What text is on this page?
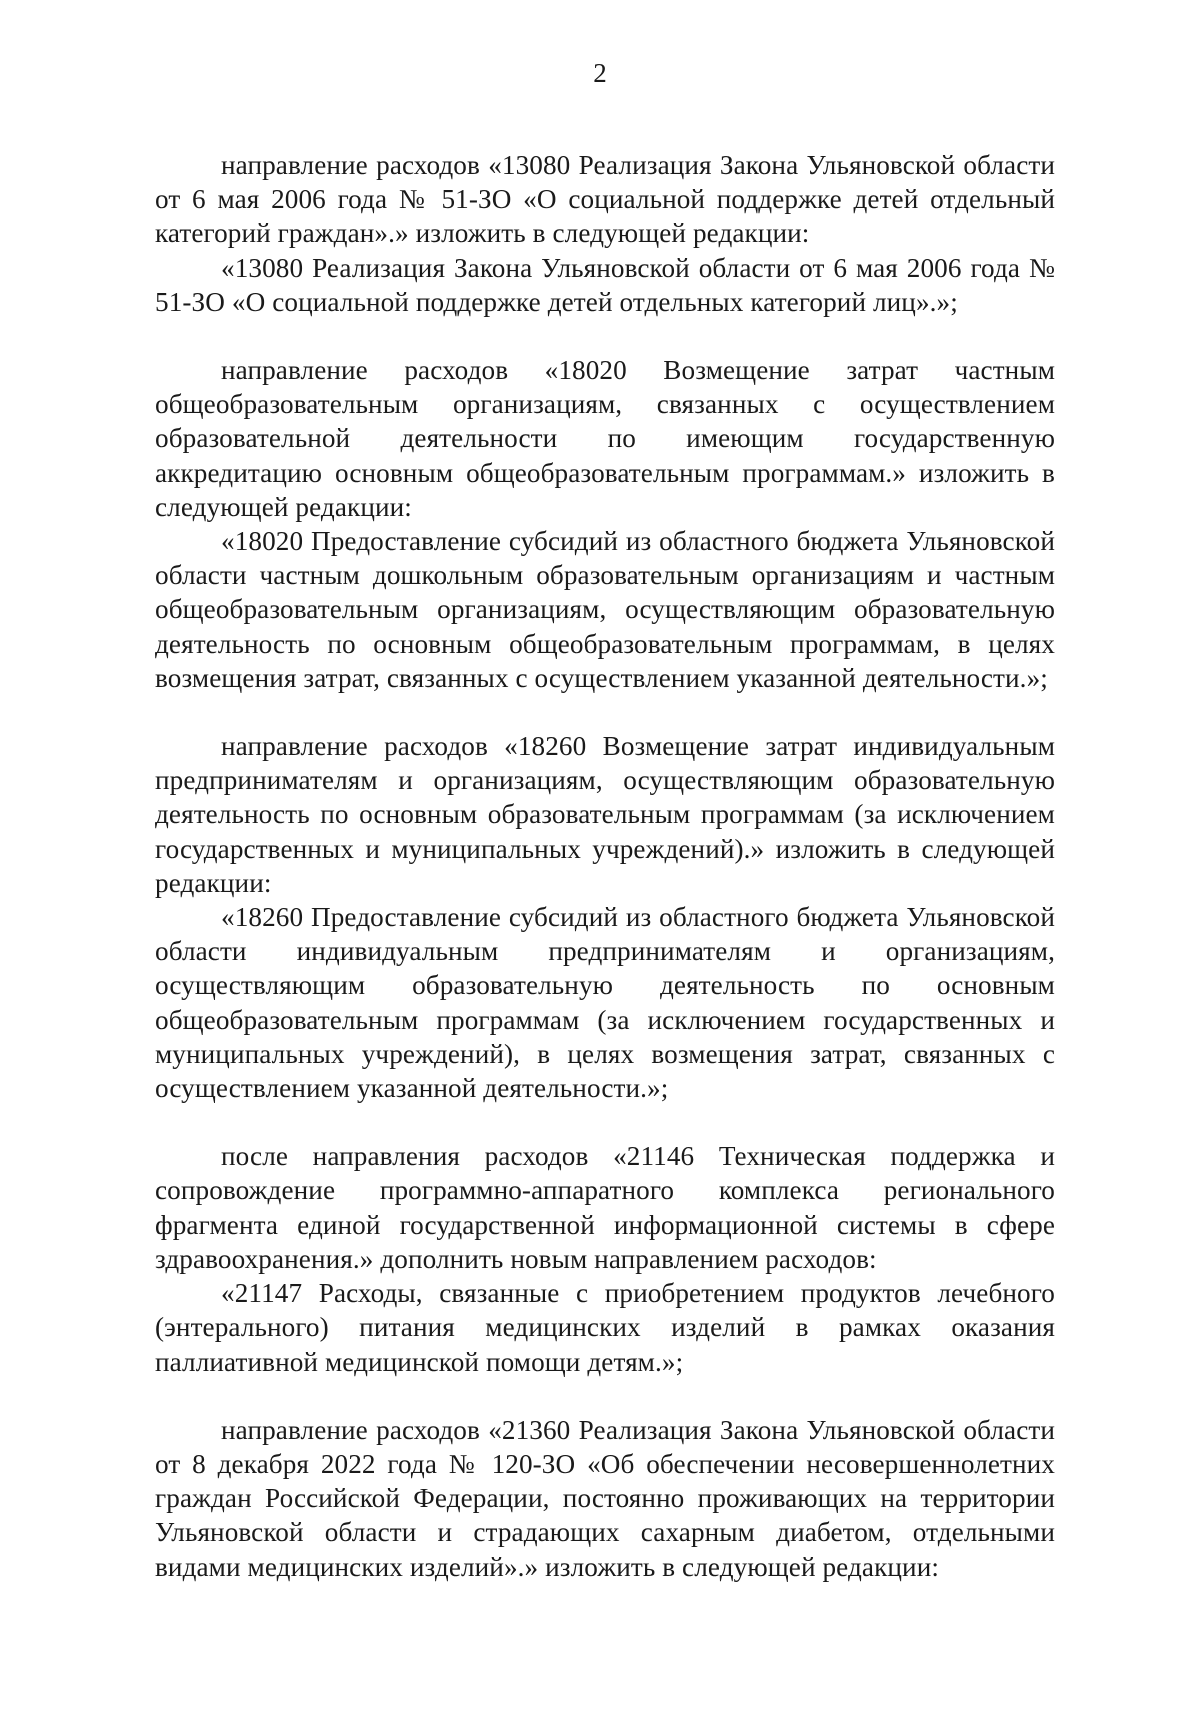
2

направление расходов «13080 Реализация Закона Ульяновской области от 6 мая 2006 года № 51-ЗО «О социальной поддержке детей отдельный категорий граждан».» изложить в следующей редакции:

«13080 Реализация Закона Ульяновской области от 6 мая 2006 года № 51-ЗО «О социальной поддержке детей отдельных категорий лиц».»;

направление расходов «18020 Возмещение затрат частным общеобразовательным организациям, связанных с осуществлением образовательной деятельности по имеющим государственную аккредитацию основным общеобразовательным программам.» изложить в следующей редакции:

«18020 Предоставление субсидий из областного бюджета Ульяновской области частным дошкольным образовательным организациям и частным общеобразовательным организациям, осуществляющим образовательную деятельность по основным общеобразовательным программам, в целях возмещения затрат, связанных с осуществлением указанной деятельности.»;

направление расходов «18260 Возмещение затрат индивидуальным предпринимателям и организациям, осуществляющим образовательную деятельность по основным образовательным программам (за исключением государственных и муниципальных учреждений).» изложить в следующей редакции:

«18260 Предоставление субсидий из областного бюджета Ульяновской области индивидуальным предпринимателям и организациям, осуществляющим образовательную деятельность по основным общеобразовательным программам (за исключением государственных и муниципальных учреждений), в целях возмещения затрат, связанных с осуществлением указанной деятельности.»;

после направления расходов «21146 Техническая поддержка и сопровождение программно-аппаратного комплекса регионального фрагмента единой государственной информационной системы в сфере здравоохранения.» дополнить новым направлением расходов:

«21147 Расходы, связанные с приобретением продуктов лечебного (энтерального) питания медицинских изделий в рамках оказания паллиативной медицинской помощи детям.»;

направление расходов «21360 Реализация Закона Ульяновской области от 8 декабря 2022 года № 120-ЗО «Об обеспечении несовершеннолетних граждан Российской Федерации, постоянно проживающих на территории Ульяновской области и страдающих сахарным диабетом, отдельными видами медицинских изделий».» изложить в следующей редакции:
